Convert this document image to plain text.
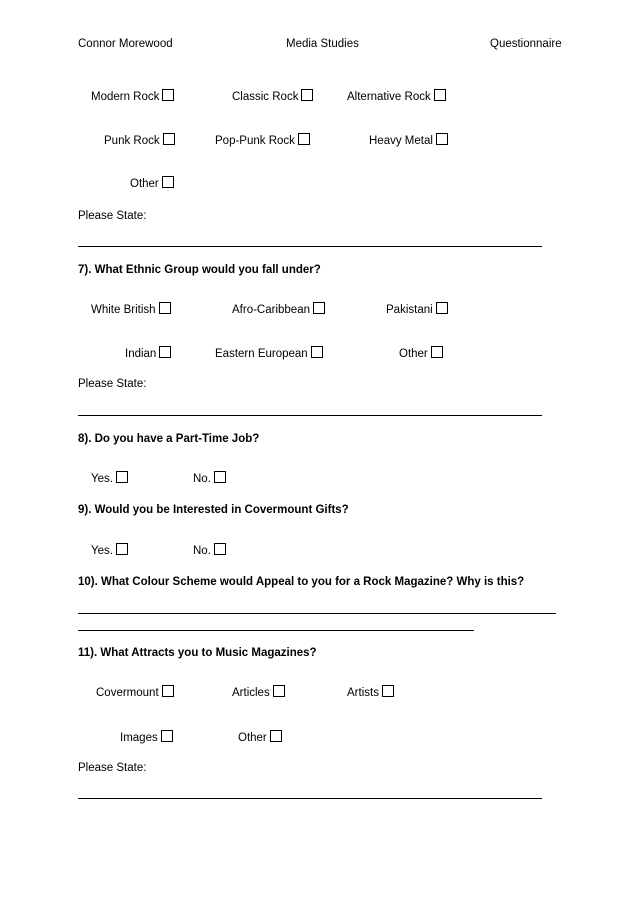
Connor Morewood	Media Studies	Questionnaire
Modern Rock	Classic Rock	Alternative Rock
Punk Rock	Pop-Punk Rock	Heavy Metal
Other
Please State:
7). What Ethnic Group would you fall under?
White British	Afro-Caribbean	Pakistani
Indian	Eastern European	Other
Please State:
8). Do you have a Part-Time Job?
Yes.	No.
9). Would you be Interested in Covermount Gifts?
Yes.	No.
10). What Colour Scheme would Appeal to you for a Rock Magazine? Why is this?
11). What Attracts you to Music Magazines?
Covermount	Articles	Artists
Images	Other
Please State:
